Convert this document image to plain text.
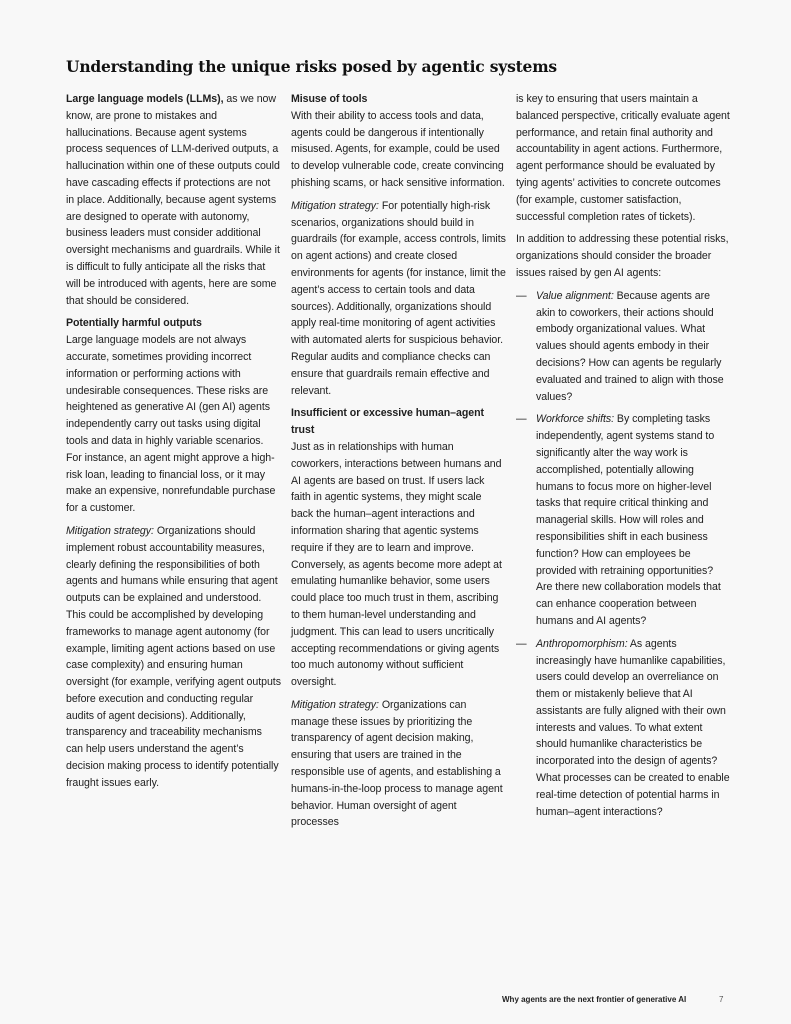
Understanding the unique risks posed by agentic systems

Large language models (LLMs), as we now know, are prone to mistakes and hallucinations. Because agent systems process sequences of LLM-derived outputs, a hallucination within one of these outputs could have cascading effects if protections are not in place. Additionally, because agent systems are designed to operate with autonomy, business leaders must consider additional oversight mechanisms and guardrails. While it is difficult to fully anticipate all the risks that will be introduced with agents, here are some that should be considered.

Potentially harmful outputs

Large language models are not always accurate, sometimes providing incorrect information or performing actions with undesirable consequences. These risks are heightened as generative AI (gen AI) agents independently carry out tasks using digital tools and data in highly variable scenarios. For instance, an agent might approve a high-risk loan, leading to financial loss, or it may make an expensive, nonrefundable purchase for a customer.

Mitigation strategy: Organizations should implement robust accountability measures, clearly defining the responsibilities of both agents and humans while ensuring that agent outputs can be explained and understood. This could be accomplished by developing frameworks to manage agent autonomy (for example, limiting agent actions based on use case complexity) and ensuring human oversight (for example, verifying agent outputs before execution and conducting regular audits of agent decisions). Additionally, transparency and traceability mechanisms can help users understand the agent’s decision making process to identify potentially fraught issues early.

Misuse of tools

With their ability to access tools and data, agents could be dangerous if intentionally misused. Agents, for example, could be used to develop vulnerable code, create convincing phishing scams, or hack sensitive information.

Mitigation strategy: For potentially high-risk scenarios, organizations should build in guardrails (for example, access controls, limits on agent actions) and create closed environments for agents (for instance, limit the agent’s access to certain tools and data sources). Additionally, organizations should apply real-time monitoring of agent activities with automated alerts for suspicious behavior. Regular audits and compliance checks can ensure that guardrails remain effective and relevant.

Insufficient or excessive human–agent trust

Just as in relationships with human coworkers, interactions between humans and AI agents are based on trust. If users lack faith in agentic systems, they might scale back the human–agent interactions and information sharing that agentic systems require if they are to learn and improve. Conversely, as agents become more adept at emulating humanlike behavior, some users could place too much trust in them, ascribing to them human-level understanding and judgment. This can lead to users uncritically accepting recommendations or giving agents too much autonomy without sufficient oversight.

Mitigation strategy: Organizations can manage these issues by prioritizing the transparency of agent decision making, ensuring that users are trained in the responsible use of agents, and establishing a humans-in-the-loop process to manage agent behavior. Human oversight of agent processes

is key to ensuring that users maintain a balanced perspective, critically evaluate agent performance, and retain final authority and accountability in agent actions. Furthermore, agent performance should be evaluated by tying agents’ activities to concrete outcomes (for example, customer satisfaction, successful completion rates of tickets).

In addition to addressing these potential risks, organizations should consider the broader issues raised by gen AI agents:

— Value alignment: Because agents are akin to coworkers, their actions should embody organizational values. What values should agents embody in their decisions? How can agents be regularly evaluated and trained to align with those values?
— Workforce shifts: By completing tasks independently, agent systems stand to significantly alter the way work is accomplished, potentially allowing humans to focus more on higher-level tasks that require critical thinking and managerial skills. How will roles and responsibilities shift in each business function? How can employees be provided with retraining opportunities? Are there new collaboration models that can enhance cooperation between humans and AI agents?
— Anthropomorphism: As agents increasingly have humanlike capabilities, users could develop an overreliance on them or mistakenly believe that AI assistants are fully aligned with their own interests and values. To what extent should humanlike characteristics be incorporated into the design of agents? What processes can be created to enable real-time detection of potential harms in human–agent interactions?
Why agents are the next frontier of generative AI	7
